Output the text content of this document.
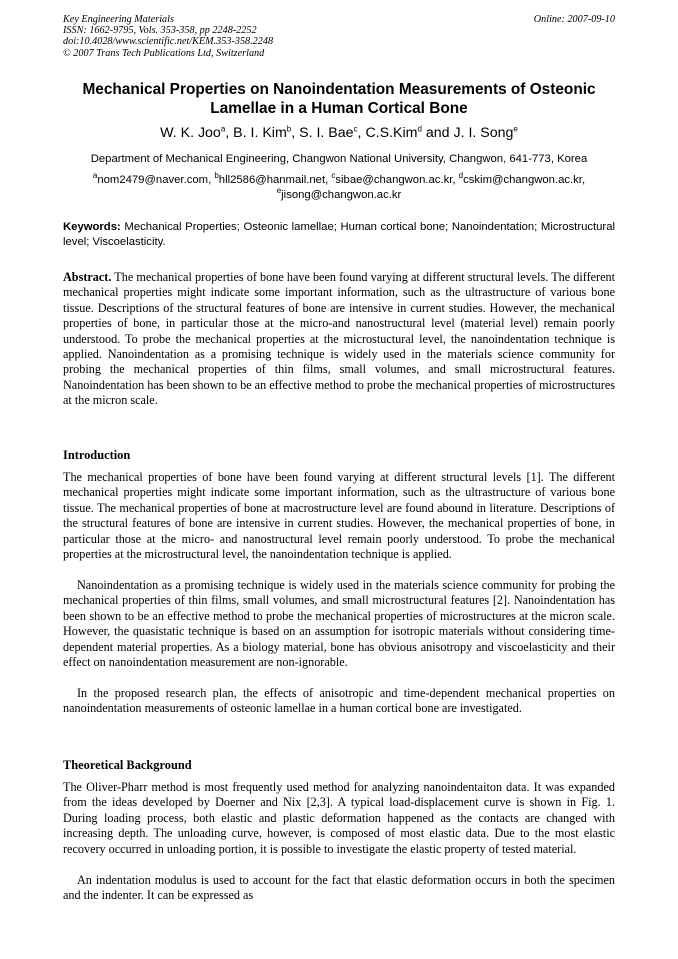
Key Engineering Materials
ISSN: 1662-9795, Vols. 353-358, pp 2248-2252
doi:10.4028/www.scientific.net/KEM.353-358.2248
© 2007 Trans Tech Publications Ltd, Switzerland
Online: 2007-09-10
Mechanical Properties on Nanoindentation Measurements of Osteonic
Lamellae in a Human Cortical Bone
W. K. Joo$^a$, B. I. Kim$^b$, S. I. Bae$^c$, C.S.Kim$^d$ and J. I. Song$^e$
Department of Mechanical Engineering, Changwon National University, Changwon, 641-773, Korea
$^a$nom2479@naver.com, $^b$hll2586@hanmail.net, $^c$sibae@changwon.ac.kr, $^d$cskim@changwon.ac.kr,
$^e$jisong@changwon.ac.kr
Keywords: Mechanical Properties; Osteonic lamellae; Human cortical bone; Nanoindentation; Microstructural level; Viscoelasticity.
Abstract. The mechanical properties of bone have been found varying at different structural levels. The different mechanical properties might indicate some important information, such as the ultrastructure of various bone tissue. Descriptions of the structural features of bone are intensive in current studies. However, the mechanical properties of bone, in particular those at the micro-and nanostructural level (material level) remain poorly understood. To probe the mechanical properties at the microstuctural level, the nanoindentation technique is applied. Nanoindentation as a promising technique is widely used in the materials science community for probing the mechanical properties of thin films, small volumes, and small microstructural features. Nanoindentation has been shown to be an effective method to probe the mechanical properties of microstructures at the micron scale.
Introduction
The mechanical properties of bone have been found varying at different structural levels [1]. The different mechanical properties might indicate some important information, such as the ultrastructure of various bone tissue. The mechanical properties of bone at macrostructure level are found abound in literature. Descriptions of the structural features of bone are intensive in current studies. However, the mechanical properties of bone, in particular those at the micro- and nanostructural level remain poorly understood. To probe the mechanical properties at the microstructural level, the nanoindentation technique is applied.
Nanoindentation as a promising technique is widely used in the materials science community for probing the mechanical properties of thin films, small volumes, and small microstructural features [2]. Nanoindentation has been shown to be an effective method to probe the mechanical properties of microstructures at the micron scale. However, the quasistatic technique is based on an assumption for isotropic materials without considering time-dependent material properties. As a biology material, bone has obvious anisotropy and viscoelasticity and their effect on nanoindentation measurement are non-ignorable.
In the proposed research plan, the effects of anisotropic and time-dependent mechanical properties on nanoindentation measurements of osteonic lamellae in a human cortical bone are investigated.
Theoretical Background
The Oliver-Pharr method is most frequently used method for analyzing nanoindentaiton data. It was expanded from the ideas developed by Doerner and Nix [2,3]. A typical load-displacement curve is shown in Fig. 1. During loading process, both elastic and plastic deformation happened as the contacts are changed with increasing depth. The unloading curve, however, is composed of most elastic data. Due to the most elastic recovery occurred in unloading portion, it is possible to investigate the elastic property of tested material.
An indentation modulus is used to account for the fact that elastic deformation occurs in both the specimen and the indenter. It can be expressed as
